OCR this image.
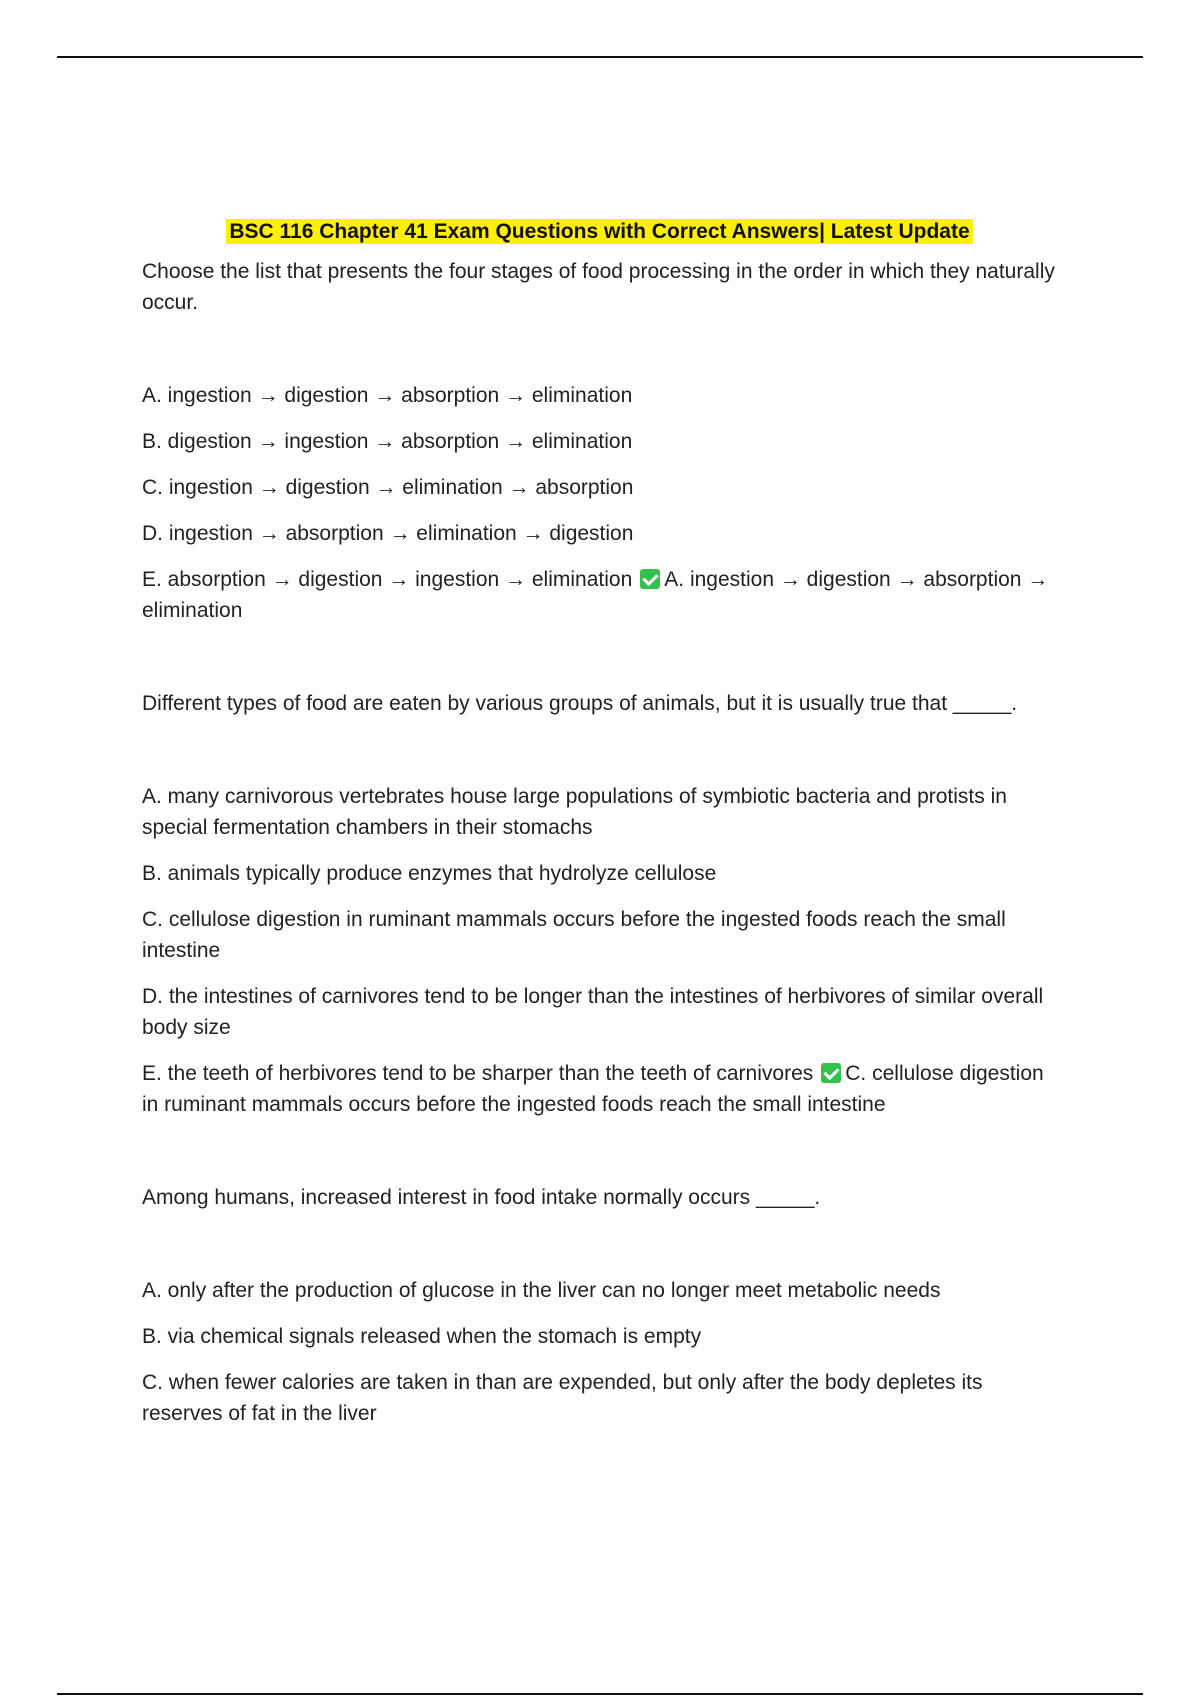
BSC 116 Chapter 41 Exam Questions with Correct Answers| Latest Update

Choose the list that presents the four stages of food processing in the order in which they naturally occur.

A. ingestion → digestion → absorption → elimination

B. digestion → ingestion → absorption → elimination

C. ingestion → digestion → elimination → absorption

D. ingestion → absorption → elimination → digestion

E. absorption → digestion → ingestion → elimination A. ingestion → digestion → absorption → elimination

Different types of food are eaten by various groups of animals, but it is usually true that _____.

A. many carnivorous vertebrates house large populations of symbiotic bacteria and protists in special fermentation chambers in their stomachs

B. animals typically produce enzymes that hydrolyze cellulose

C. cellulose digestion in ruminant mammals occurs before the ingested foods reach the small intestine

D. the intestines of carnivores tend to be longer than the intestines of herbivores of similar overall body size

E. the teeth of herbivores tend to be sharper than the teeth of carnivores C. cellulose digestion in ruminant mammals occurs before the ingested foods reach the small intestine

Among humans, increased interest in food intake normally occurs _____.

A. only after the production of glucose in the liver can no longer meet metabolic needs

B. via chemical signals released when the stomach is empty

C. when fewer calories are taken in than are expended, but only after the body depletes its reserves of fat in the liver
